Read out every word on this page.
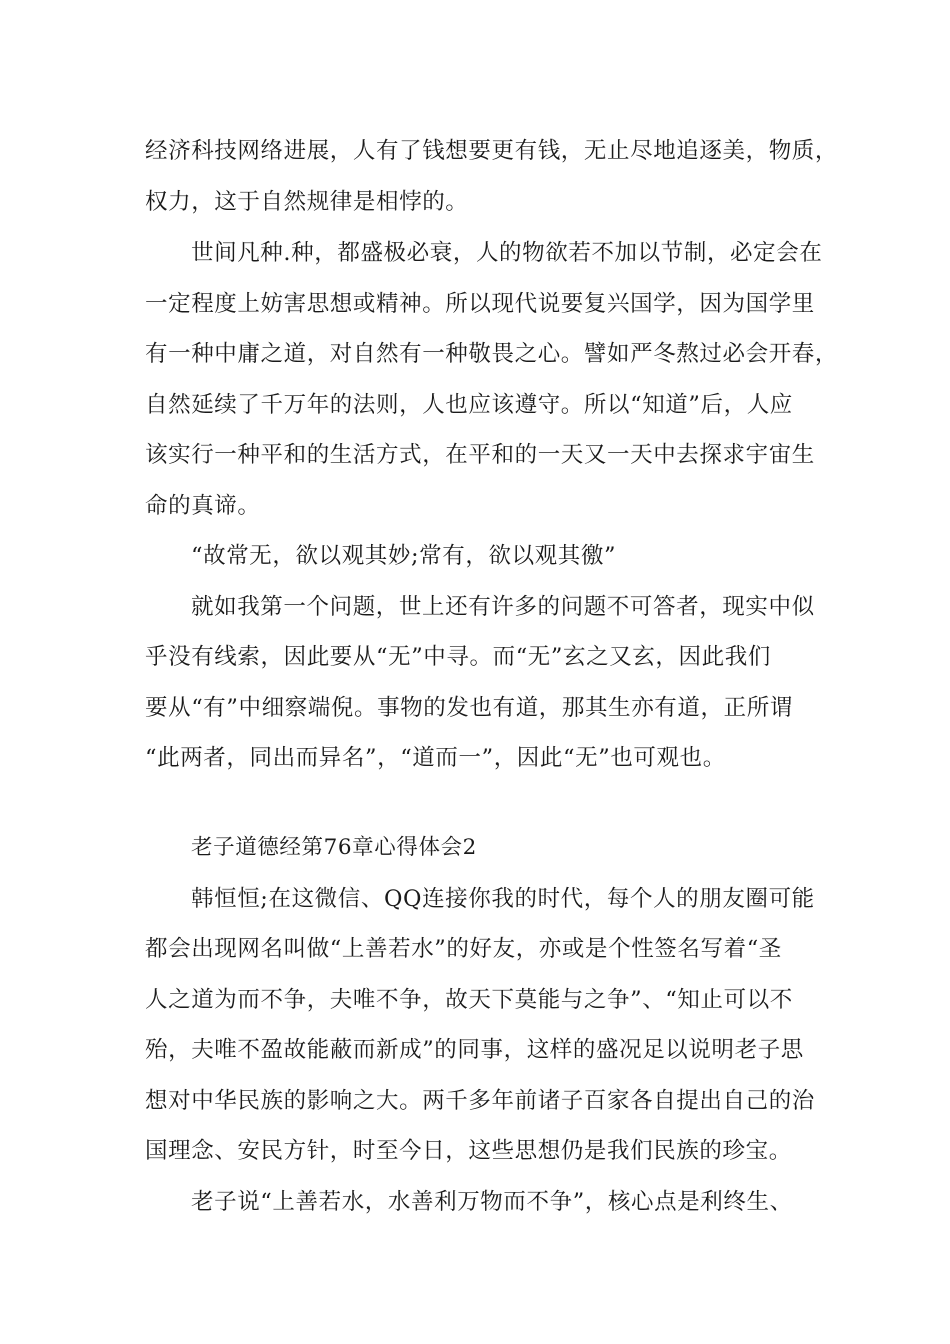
经济科技网络进展，人有了钱想要更有钱，无止尽地追逐美，物质，
权力，这于自然规律是相悖的。
世间凡种.种，都盛极必衰，人的物欲若不加以节制，必定会在
一定程度上妨害思想或精神。所以现代说要复兴国学，因为国学里
有一种中庸之道，对自然有一种敬畏之心。譬如严冬熬过必会开春，
自然延续了千万年的法则，人也应该遵守。所以“知道”后，人应
该实行一种平和的生活方式，在平和的一天又一天中去探求宇宙生
命的真谛。
“故常无，欲以观其妙;常有，欲以观其徼”
就如我第一个问题，世上还有许多的问题不可答者，现实中似
乎没有线索，因此要从“无”中寻。而“无”玄之又玄，因此我们
要从“有”中细察端倪。事物的发也有道，那其生亦有道，正所谓
“此两者，同出而异名”，“道而一”，因此“无”也可观也。
老子道德经第76章心得体会2
韩恒恒;在这微信、QQ连接你我的时代，每个人的朋友圈可能
都会出现网名叫做“上善若水”的好友，亦或是个性签名写着“圣
人之道为而不争，夫唯不争，故天下莫能与之争”、“知止可以不
殆，夫唯不盈故能蔽而新成”的同事，这样的盛况足以说明老子思
想对中华民族的影响之大。两千多年前诸子百家各自提出自己的治
国理念、安民方针，时至今日，这些思想仍是我们民族的珍宝。
老子说“上善若水，水善利万物而不争”，核心点是利终生、
